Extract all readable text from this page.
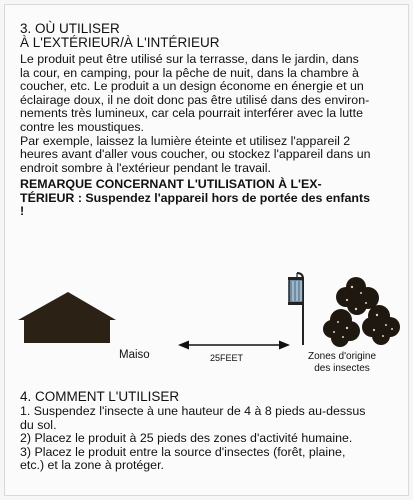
3. OÙ UTILISER

À L'EXTÉRIEUR/À L'INTÉRIEUR

Le produit peut être utilisé sur la terrasse, dans le jardin, dans
la cour, en camping, pour la pêche de nuit, dans la chambre à
coucher, etc. Le produit a un design économe en énergie et un
éclairage doux, il ne doit donc pas être utilisé dans des environ-
nements très lumineux, car cela pourrait interférer avec la lutte
contre les moustiques.
Par exemple, laissez la lumière éteinte et utilisez l'appareil 2
heures avant d'aller vous coucher, ou stockez l'appareil dans un
endroit sombre à l'extérieur pendant le travail.
REMARQUE CONCERNANT L'UTILISATION À L'EX-
TÉRIEUR : Suspendez l'appareil hors de portée des enfants
!

Maiso	25FEET	Zones d'origine
des insectes

4. COMMENT L'UTILISER

1. Suspendez l'insecte à une hauteur de 4 à 8 pieds au-dessus
du sol.
2) Placez le produit à 25 pieds des zones d'activité humaine.
3) Placez le produit entre la source d'insectes (forêt, plaine,
etc.) et la zone à protéger.
